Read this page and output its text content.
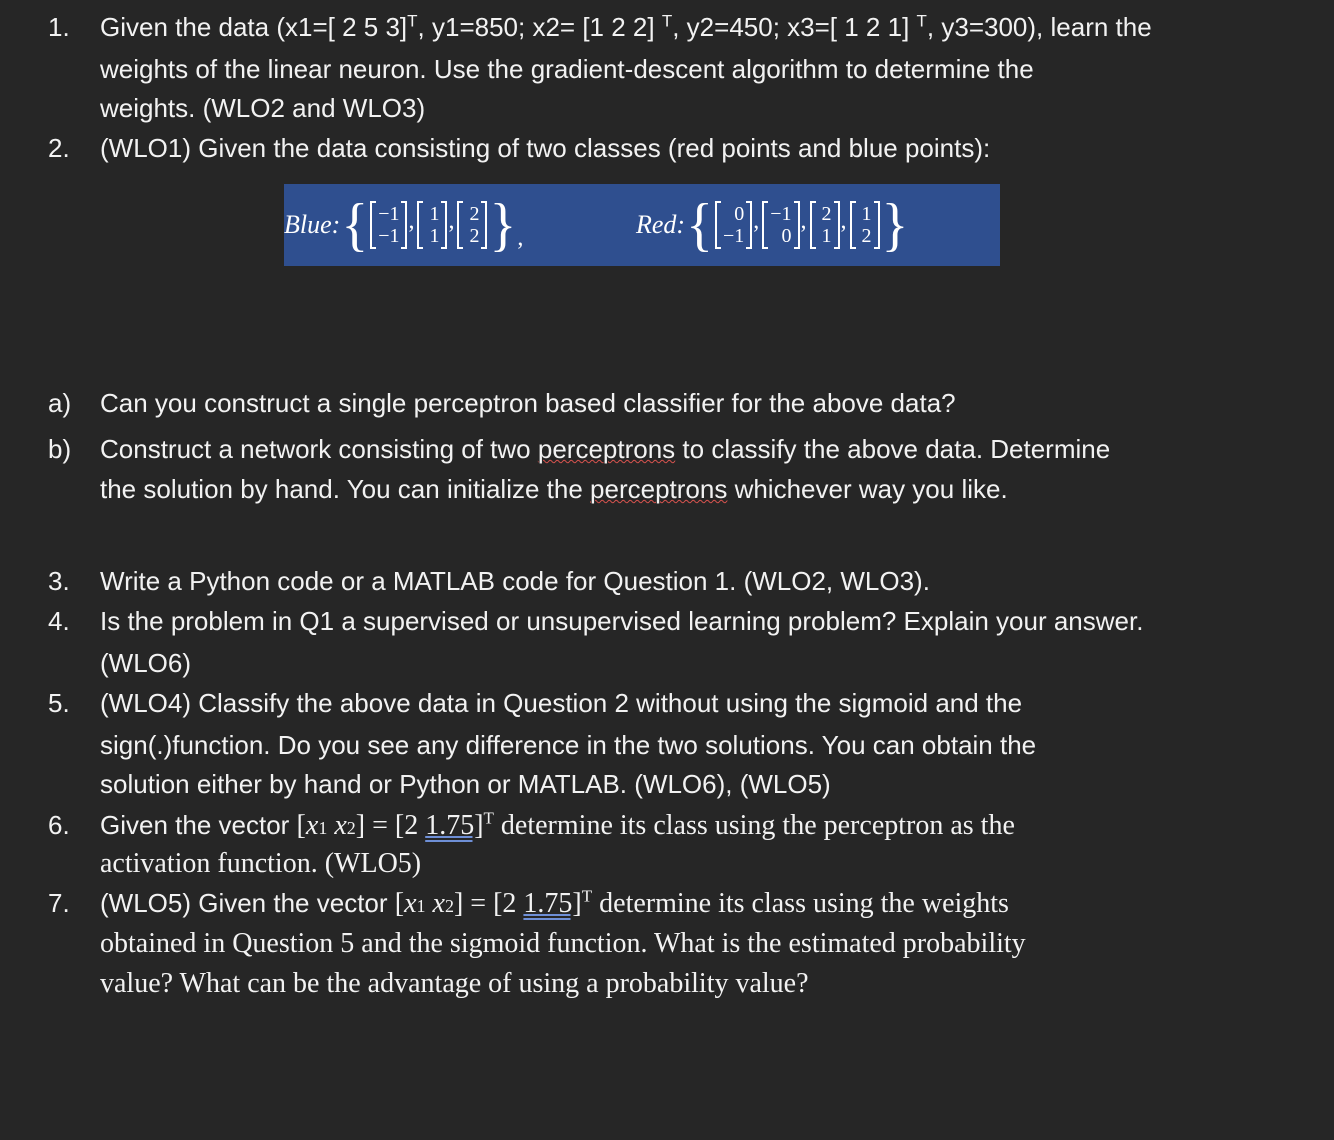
1. Given the data (x1=[ 2 5 3]$^T$, y1=850; x2= [1 2 2] $^T$, y2=450; x3=[ 1 2 1] $^T$, y3=300), learn the
weights of the linear neuron. Use the gradient-descent algorithm to determine the
weights. (WLO2 and WLO3)
2. (WLO1) Given the data consisting of two classes (red points and blue points):
Blue: { −1
−1
, 1
1
, 2
2 } ,	Red: { 0
−1
, −1
0
, 2
1
, 1
2 }
a) Can you construct a single perceptron based classifier for the above data?
b) Construct a network consisting of two perceptrons to classify the above data. Determine
the solution by hand. You can initialize the perceptrons whichever way you like.
3. Write a Python code or a MATLAB code for Question 1. (WLO2, WLO3).
4. Is the problem in Q1 a supervised or unsupervised learning problem? Explain your answer.
(WLO6)
5. (WLO4) Classify the above data in Question 2 without using the sigmoid and the
sign(.)function. Do you see any difference in the two solutions. You can obtain the
solution either by hand or Python or MATLAB. (WLO6), (WLO5)
6. Given the vector [x1 x2] = [2 1.75]$^T$ determine its class using the perceptron as the
activation function. (WLO5)
7. (WLO5) Given the vector [x1 x2] = [2 1.75]$^T$ determine its class using the weights
obtained in Question 5 and the sigmoid function. What is the estimated probability
value? What can be the advantage of using a probability value?
